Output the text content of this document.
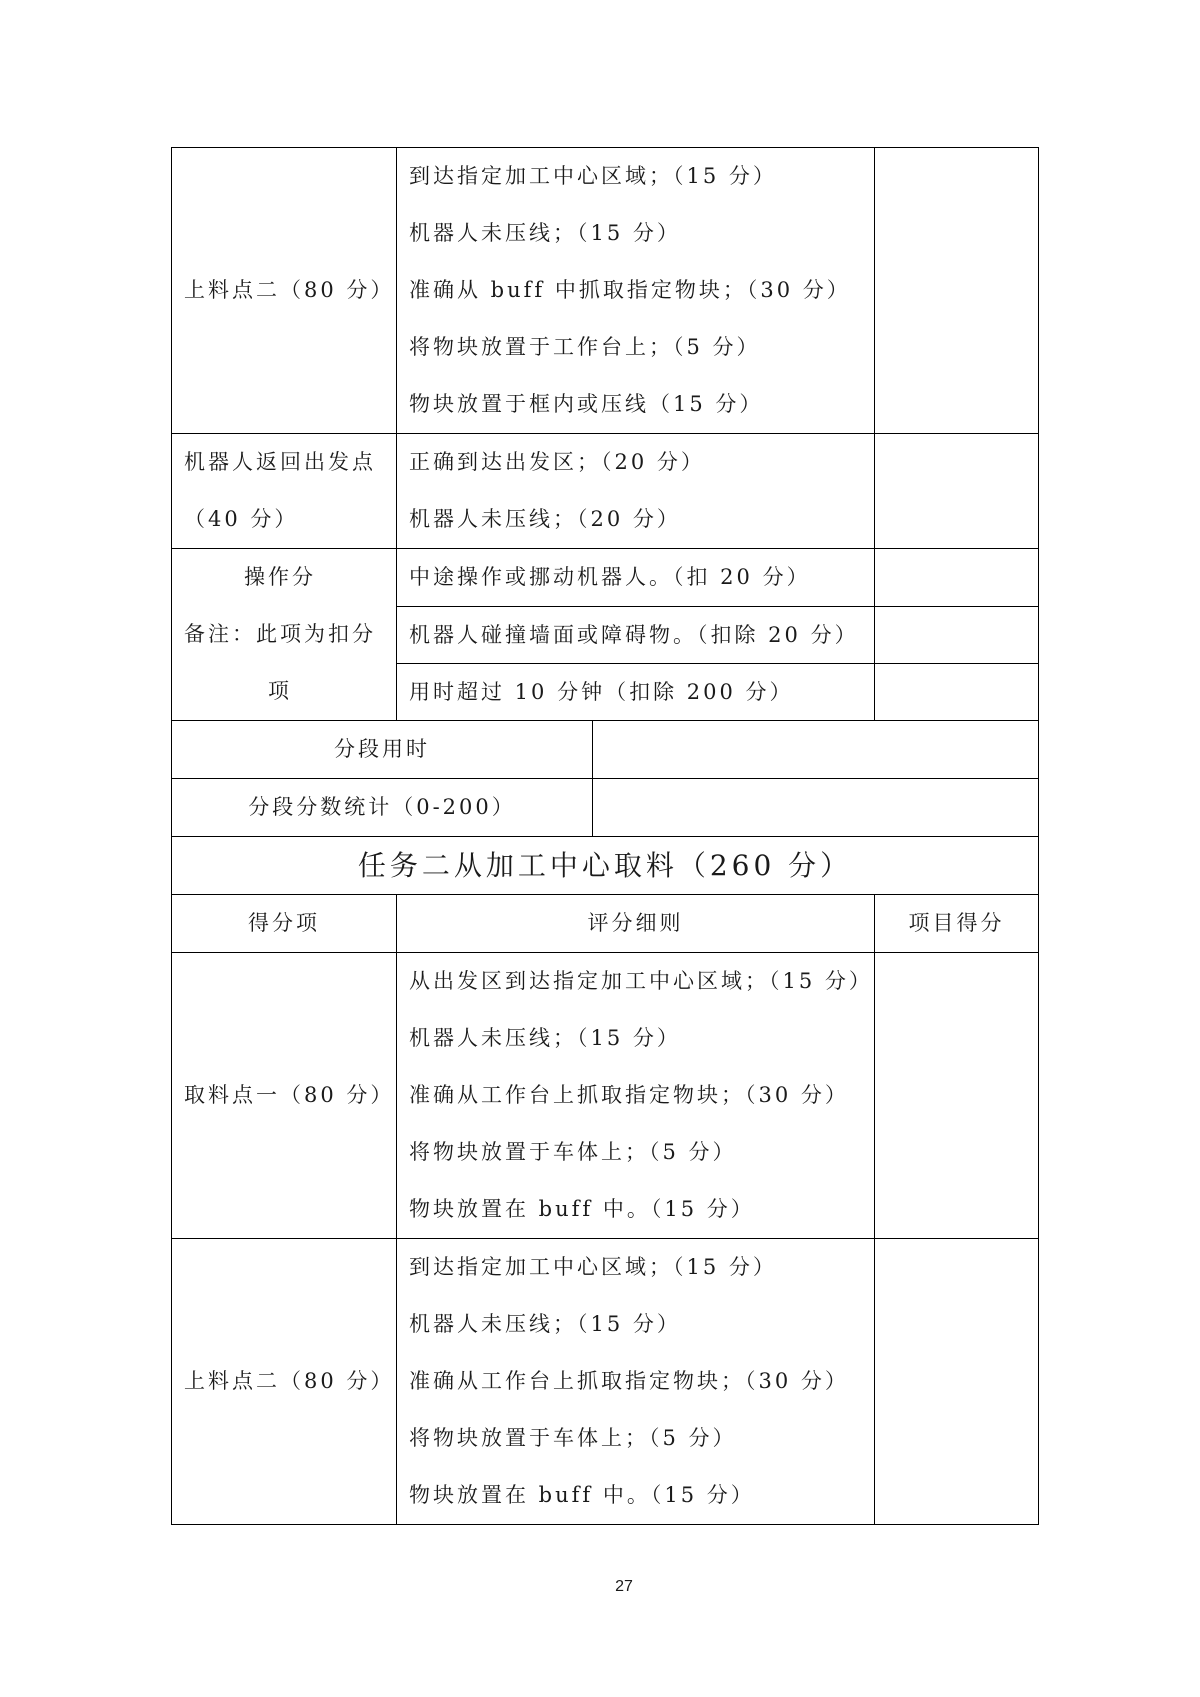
上料点二（80 分）
到达指定加工中心区域；（15 分）
机器人未压线；（15 分）
准确从 buff 中抓取指定物块；（30 分）
将物块放置于工作台上；（5 分）
物块放置于框内或压线（15 分）
机器人返回出发点
（40 分）
正确到达出发区；（20 分）
机器人未压线；（20 分）
操作分
备注：此项为扣分
项
中途操作或挪动机器人。（扣 20 分）
机器人碰撞墙面或障碍物。（扣除 20 分）
用时超过 10 分钟（扣除 200 分）
分段用时
分段分数统计（0-200）
任务二从加工中心取料（260 分）
得分项	评分细则	项目得分
取料点一（80 分）
从出发区到达指定加工中心区域；（15 分）
机器人未压线；（15 分）
准确从工作台上抓取指定物块；（30 分）
将物块放置于车体上；（5 分）
物块放置在 buff 中。（15 分）
上料点二（80 分）
到达指定加工中心区域；（15 分）
机器人未压线；（15 分）
准确从工作台上抓取指定物块；（30 分）
将物块放置于车体上；（5 分）
物块放置在 buff 中。（15 分）
27
